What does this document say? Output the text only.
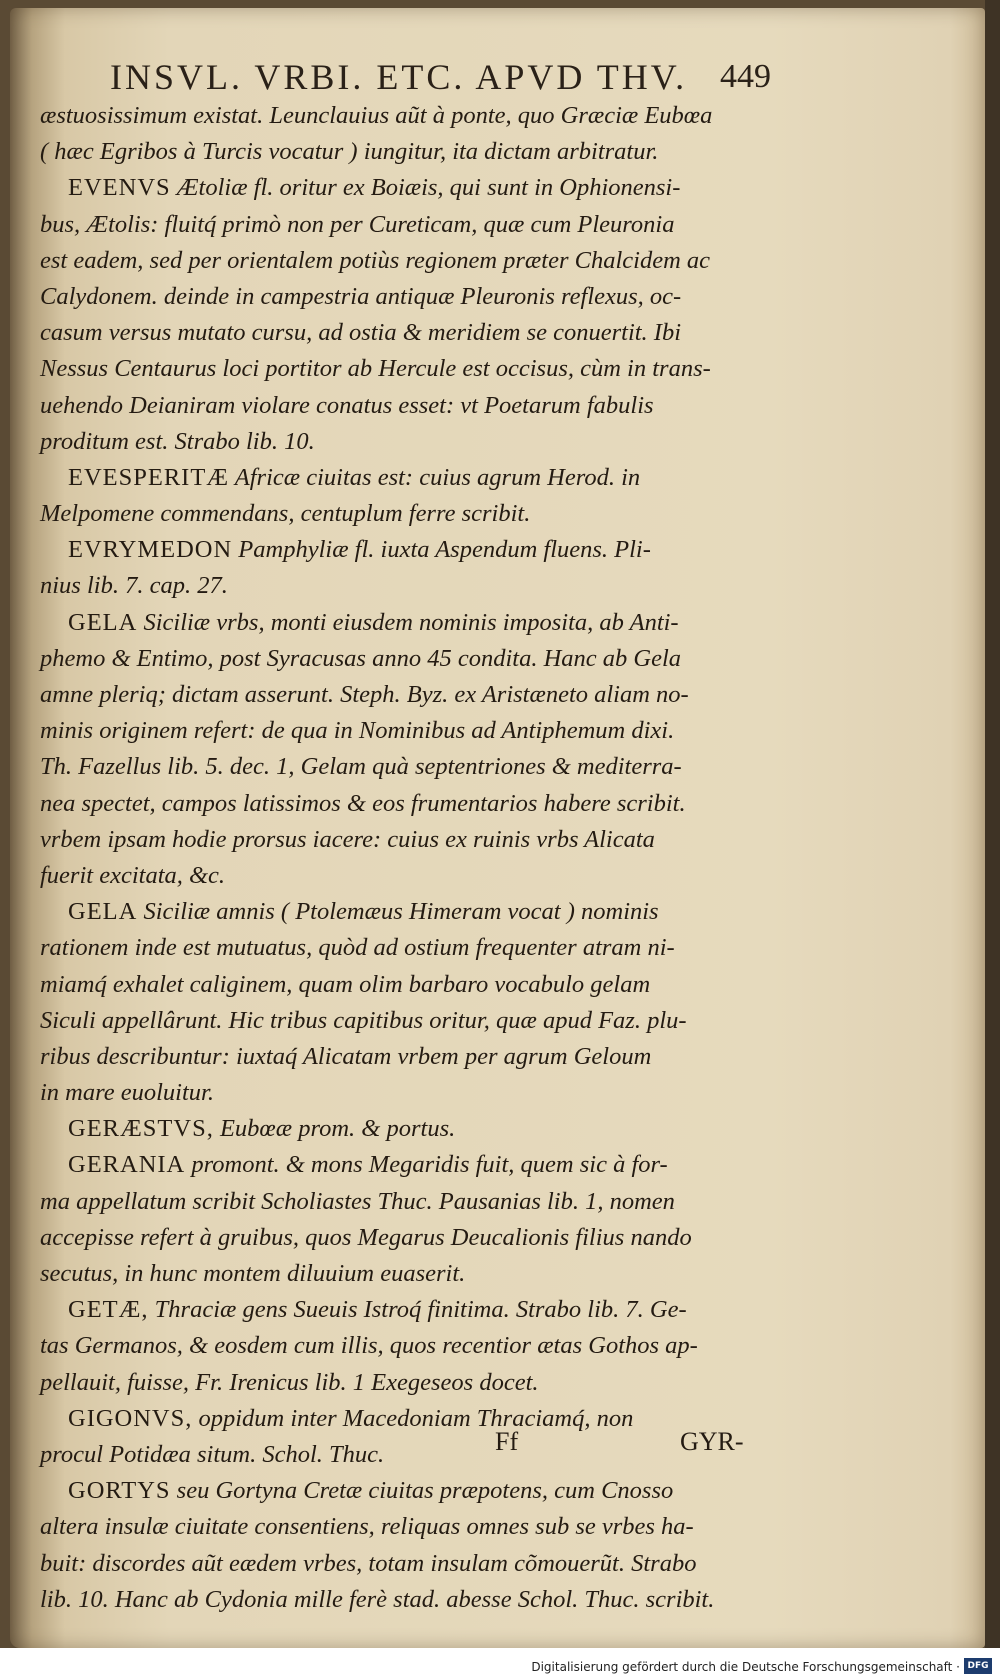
INSVL. VRBI. ETC. APVD THV. 449
æstuosissimum existat. Leunclauius aũt à ponte, quo Græciæ Eubœa
( hæc Egribos à Turcis vocatur ) iungitur, ita dictam arbitratur.
EVENVS Ætoliæ fl. oritur ex Boiæis, qui sunt in Ophionensi-
bus, Ætolis: fluitq́ primò non per Cureticam, quæ cum Pleuronia
est eadem, sed per orientalem potiùs regionem præter Chalcidem ac
Calydonem. deinde in campestria antiquæ Pleuronis reflexus, oc-
casum versus mutato cursu, ad ostia & meridiem se conuertit. Ibi
Nessus Centaurus loci portitor ab Hercule est occisus, cùm in trans-
uehendo Deianiram violare conatus esset: vt Poetarum fabulis
proditum est. Strabo lib. 10.
EVESPERITÆ Africæ ciuitas est: cuius agrum Herod. in
Melpomene commendans, centuplum ferre scribit.
EVRYMEDON Pamphyliæ fl. iuxta Aspendum fluens. Pli-
nius lib. 7. cap. 27.
GELA Siciliæ vrbs, monti eiusdem nominis imposita, ab Anti-
phemo & Entimo, post Syracusas anno 45 condita. Hanc ab Gela
amne pleriq; dictam asserunt. Steph. Byz. ex Aristæneto aliam no-
minis originem refert: de qua in Nominibus ad Antiphemum dixi.
Th. Fazellus lib. 5. dec. 1, Gelam quà septentriones & mediterra-
nea spectet, campos latissimos & eos frumentarios habere scribit.
vrbem ipsam hodie prorsus iacere: cuius ex ruinis vrbs Alicata
fuerit excitata, &c.
GELA Siciliæ amnis ( Ptolemæus Himeram vocat ) nominis
rationem inde est mutuatus, quòd ad ostium frequenter atram ni-
miamq́ exhalet caliginem, quam olim barbaro vocabulo gelam
Siculi appellârunt. Hic tribus capitibus oritur, quæ apud Faz. plu-
ribus describuntur: iuxtaq́ Alicatam vrbem per agrum Geloum
in mare euoluitur.
GERÆSTVS, Eubœæ prom. & portus.
GERANIA promont. & mons Megaridis fuit, quem sic à for-
ma appellatum scribit Scholiastes Thuc. Pausanias lib. 1, nomen
accepisse refert à gruibus, quos Megarus Deucalionis filius nando
secutus, in hunc montem diluuium euaserit.
GETÆ, Thraciæ gens Sueuis Istroq́ finitima. Strabo lib. 7. Ge-
tas Germanos, & eosdem cum illis, quos recentior ætas Gothos ap-
pellauit, fuisse, Fr. Irenicus lib. 1 Exegeseos docet.
GIGONVS, oppidum inter Macedoniam Thraciamq́, non
procul Potidæa situm. Schol. Thuc.
GORTYS seu Gortyna Cretæ ciuitas præpotens, cum Cnosso
altera insulæ ciuitate consentiens, reliquas omnes sub se vrbes ha-
buit: discordes aũt eædem vrbes, totam insulam cõmouerũt. Strabo
lib. 10. Hanc ab Cydonia mille ferè stad. abesse Schol. Thuc. scribit.
Ff	GYR-
Digitalisierung gefördert durch die Deutsche Forschungsgemeinschaft · DFG
